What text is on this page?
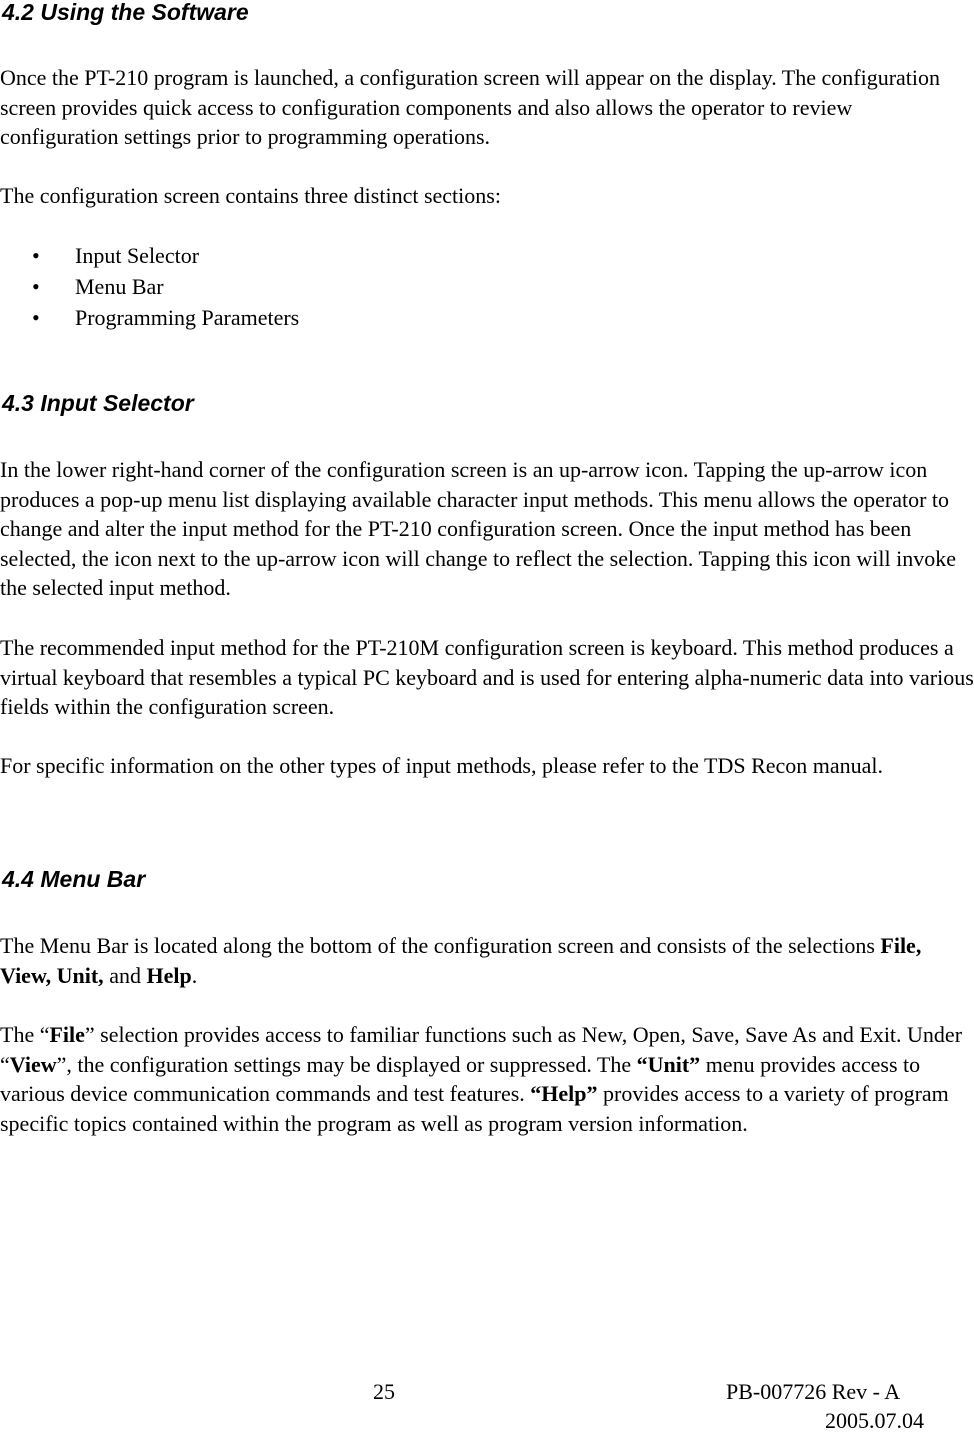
4.2 Using the Software

Once the PT-210 program is launched, a configuration screen will appear on the display. The configuration screen provides quick access to configuration components and also allows the operator to review configuration settings prior to programming operations.

The configuration screen contains three distinct sections:

• Input Selector
• Menu Bar
• Programming Parameters
4.3 Input Selector

In the lower right-hand corner of the configuration screen is an up-arrow icon. Tapping the up-arrow icon produces a pop-up menu list displaying available character input methods. This menu allows the operator to change and alter the input method for the PT-210 configuration screen. Once the input method has been selected, the icon next to the up-arrow icon will change to reflect the selection. Tapping this icon will invoke the selected input method.

The recommended input method for the PT-210M configuration screen is keyboard. This method produces a virtual keyboard that resembles a typical PC keyboard and is used for entering alpha-numeric data into various fields within the configuration screen.

For specific information on the other types of input methods, please refer to the TDS Recon manual.

4.4 Menu Bar

The Menu Bar is located along the bottom of the configuration screen and consists of the selections File, View, Unit, and Help.

The “File” selection provides access to familiar functions such as New, Open, Save, Save As and Exit. Under “View”, the configuration settings may be displayed or suppressed. The “Unit” menu provides access to various device communication commands and test features. “Help” provides access to a variety of program specific topics contained within the program as well as program version information.

25	PB-007726 Rev - A
2005.07.04
